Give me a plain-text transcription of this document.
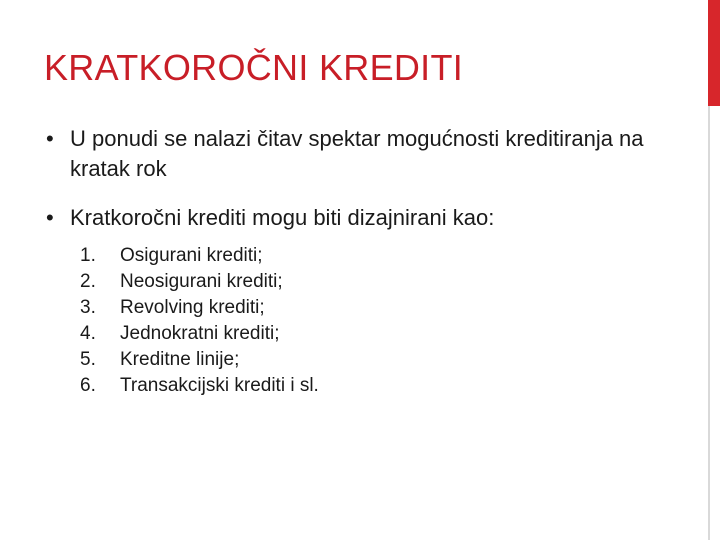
KRATKOROČNI KREDITI
• U ponudi se nalazi čitav spektar mogućnosti kreditiranja na kratak rok
• Kratkoročni krediti mogu biti dizajnirani kao:
1. Osigurani krediti;
2. Neosigurani krediti;
3. Revolving krediti;
4. Jednokratni krediti;
5. Kreditne linije;
6. Transakcijski krediti i sl.
